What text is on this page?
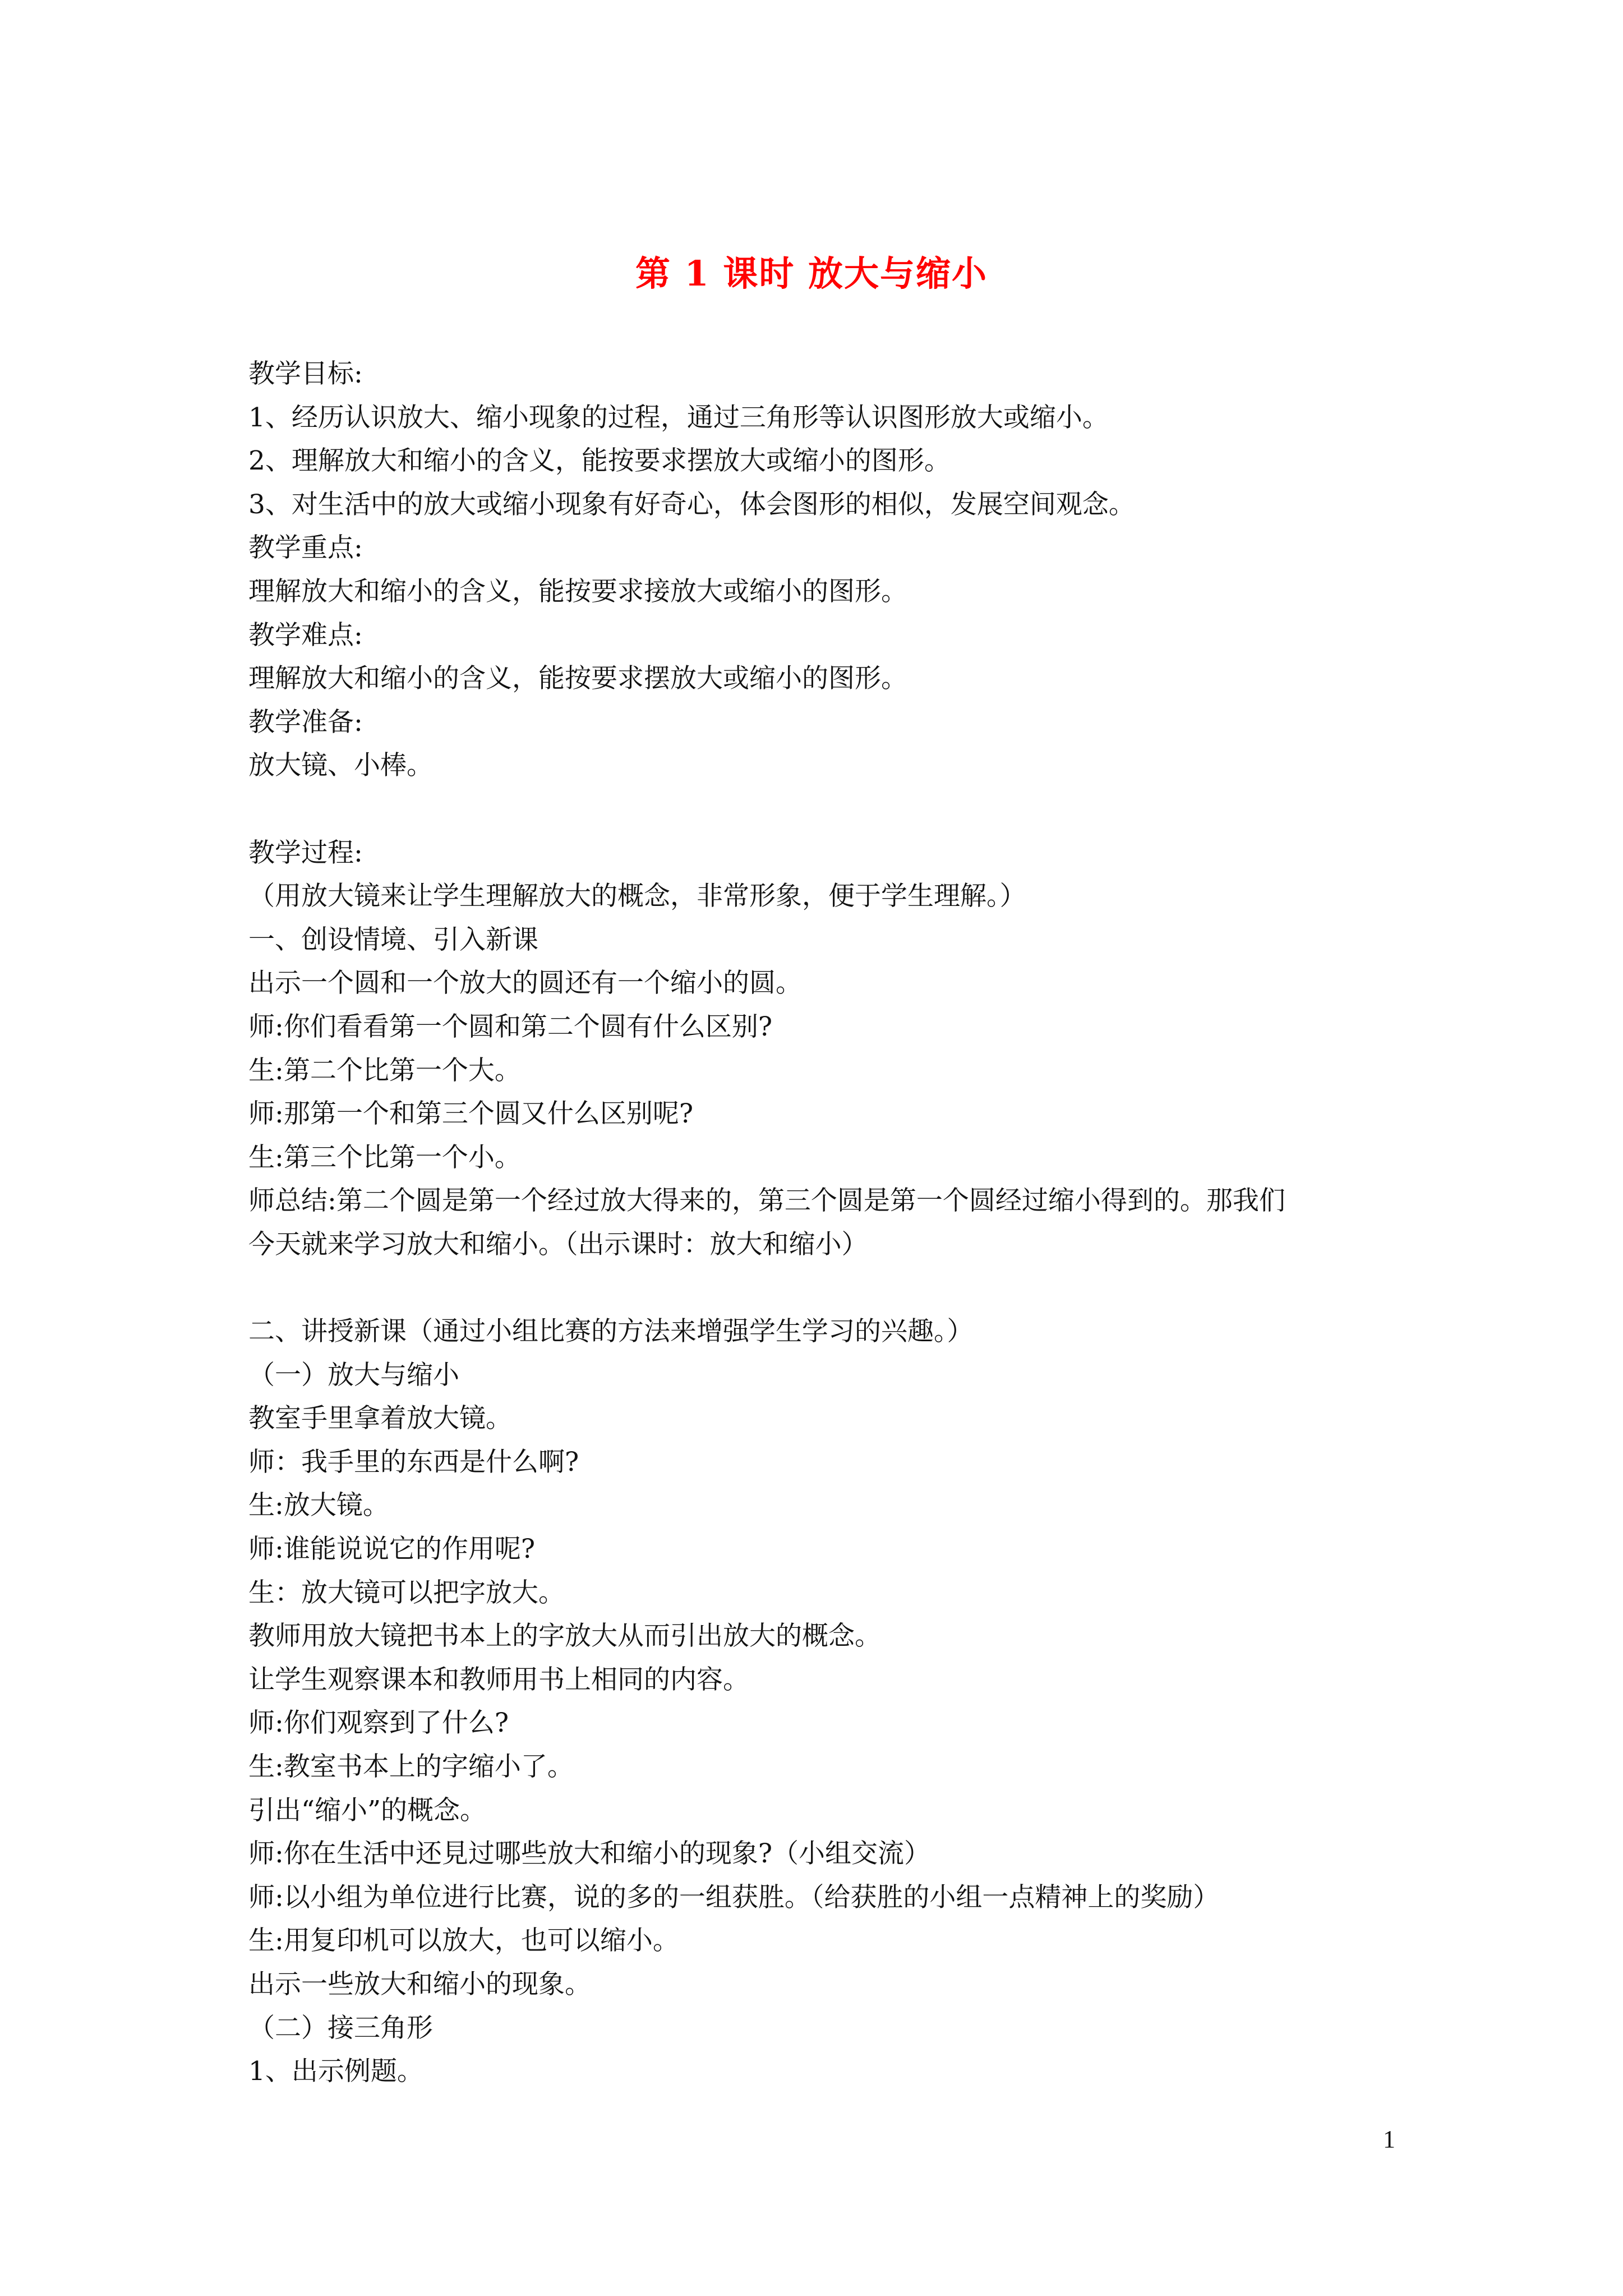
第 1 课时 放大与缩小
教学目标:
1、经历认识放大、缩小现象的过程，通过三角形等认识图形放大或缩小。
2、理解放大和缩小的含义，能按要求摆放大或缩小的图形。
3、对生活中的放大或缩小现象有好奇心，体会图形的相似，发展空间观念。
教学重点:
理解放大和缩小的含义，能按要求接放大或缩小的图形。
教学难点:
理解放大和缩小的含义，能按要求摆放大或缩小的图形。
教学准备:
放大镜、小棒。
教学过程:
（用放大镜来让学生理解放大的概念，非常形象，便于学生理解。）
一、创设情境、引入新课
出示一个圆和一个放大的圆还有一个缩小的圆。
师:你们看看第一个圆和第二个圆有什么区别?
生:第二个比第一个大。
师:那第一个和第三个圆又什么区别呢?
生:第三个比第一个小。
师总结:第二个圆是第一个经过放大得来的，第三个圆是第一个圆经过缩小得到的。那我们
今天就来学习放大和缩小。（出示课时：放大和缩小）
二、讲授新课（通过小组比赛的方法来增强学生学习的兴趣。）
（一）放大与缩小
教室手里拿着放大镜。
师：我手里的东西是什么啊?
生:放大镜。
师:谁能说说它的作用呢?
生：放大镜可以把字放大。
教师用放大镜把书本上的字放大从而引出放大的概念。
让学生观察课本和教师用书上相同的内容。
师:你们观察到了什么?
生:教室书本上的字缩小了。
引出“缩小”的概念。
师:你在生活中还見过哪些放大和缩小的现象?（小组交流）
师:以小组为单位进行比赛，说的多的一组获胜。（给获胜的小组一点精神上的奖励）
生:用复印机可以放大，也可以缩小。
出示一些放大和缩小的现象。
（二）接三角形
1、出示例题。
1
